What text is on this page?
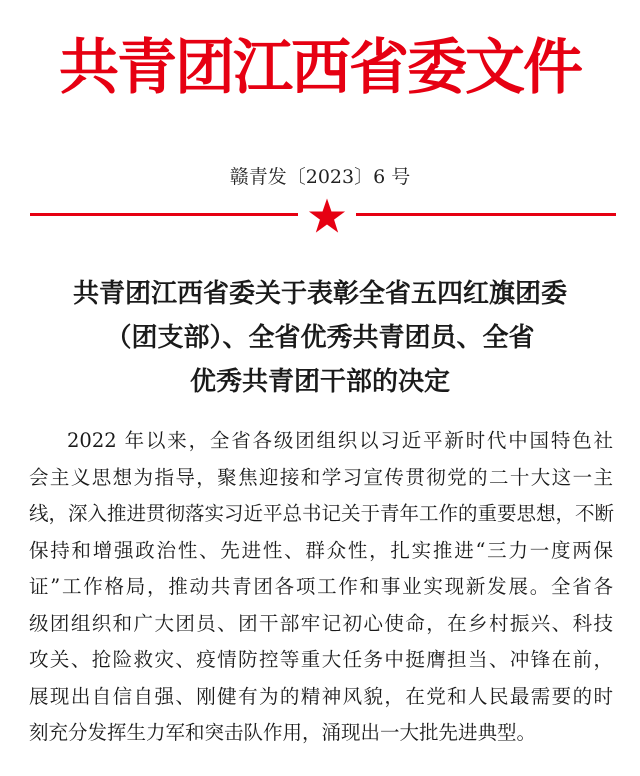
共青团江西省委文件
赣青发〔2023〕6 号
共青团江西省委关于表彰全省五四红旗团委
（团支部）、全省优秀共青团员、全省
优秀共青团干部的决定
2022 年以来，全省各级团组织以习近平新时代中国特色社
会主义思想为指导，聚焦迎接和学习宣传贯彻党的二十大这一主
线，深入推进贯彻落实习近平总书记关于青年工作的重要思想，不断
保持和增强政治性、先进性、群众性，扎实推进“三力一度两保
证”工作格局，推动共青团各项工作和事业实现新发展。全省各
级团组织和广大团员、团干部牢记初心使命，在乡村振兴、科技
攻关、抢险救灾、疫情防控等重大任务中挺膺担当、冲锋在前，
展现出自信自强、刚健有为的精神风貌，在党和人民最需要的时
刻充分发挥生力军和突击队作用，涌现出一大批先进典型。
